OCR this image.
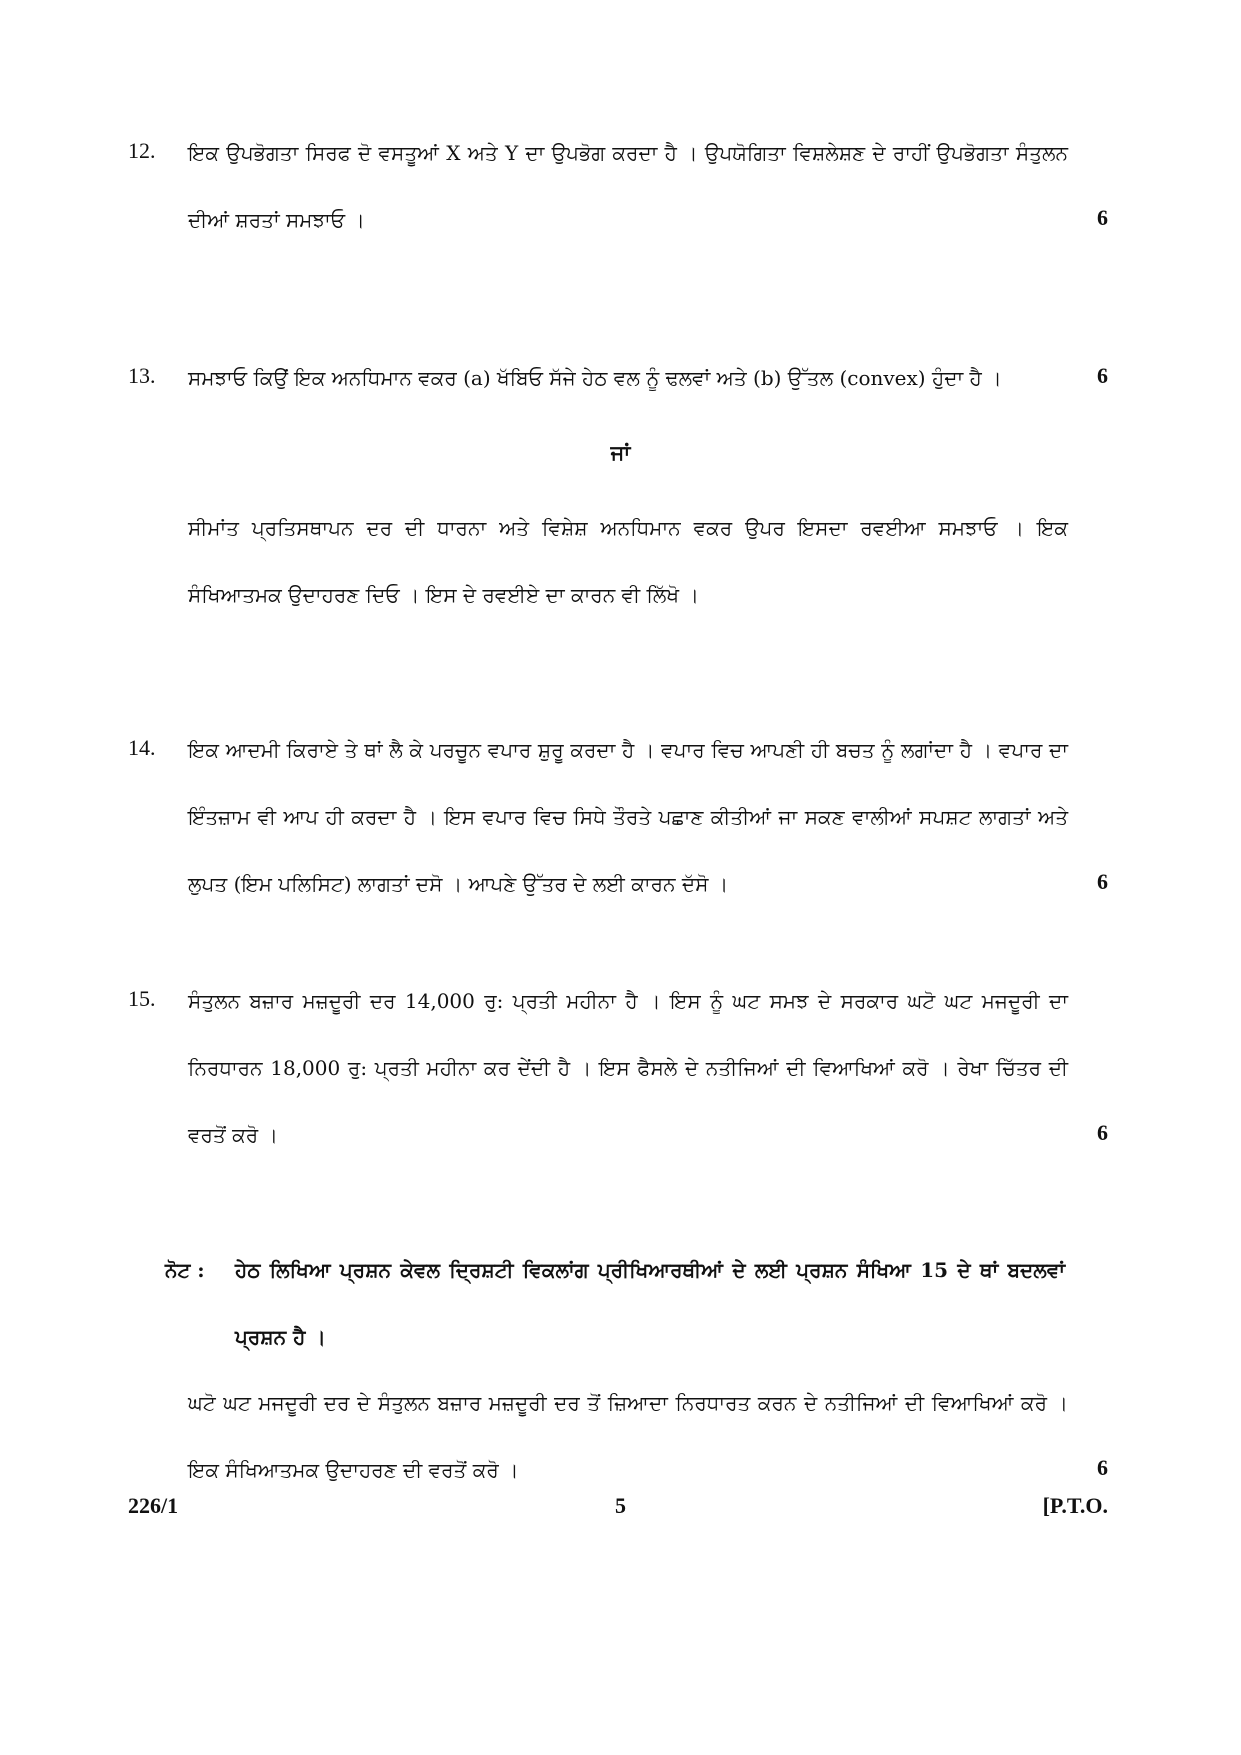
12. ਇਕ ਉਪਭੋਗਤਾ ਸਿਰਫ ਦੋ ਵਸਤੂਆਂ X ਅਤੇ Y ਦਾ ਉਪਭੋਗ ਕਰਦਾ ਹੈ । ਉਪਯੋਗਿਤਾ ਵਿਸ਼ਲੇਸ਼ਣ ਦੇ ਰਾਹੀਂ ਉਪਭੋਗਤਾ ਸੰਤੁਲਨ ਦੀਆਂ ਸ਼ਰਤਾਂ ਸਮਝਾਓ ।	6
13. ਸਮਝਾਓ ਕਿਉਂ ਇਕ ਅਨਧਿਮਾਨ ਵਕਰ (a) ਖੱਬਿਓ ਸੱਜੇ ਹੇਠ ਵਲ ਨੂੰ ਢਲਵਾਂ ਅਤੇ (b) ਉੱਤਲ (convex) ਹੁੰਦਾ ਹੈ ।	6
ਜਾਂ
ਸੀਮਾਂਤ ਪ੍ਰਤਿਸਥਾਪਨ ਦਰ ਦੀ ਧਾਰਨਾ ਅਤੇ ਵਿਸ਼ੇਸ਼ ਅਨਧਿਮਾਨ ਵਕਰ ਉਪਰ ਇਸਦਾ ਰਵਈਆ ਸਮਝਾਓ । ਇਕ ਸੰਖਿਆਤਮਕ ਉਦਾਹਰਣ ਦਿਓ । ਇਸ ਦੇ ਰਵਈਏ ਦਾ ਕਾਰਨ ਵੀ ਲਿੱਖੋ ।
14. ਇਕ ਆਦਮੀ ਕਿਰਾਏ ਤੇ ਥਾਂ ਲੈ ਕੇ ਪਰਚੂਨ ਵਪਾਰ ਸ਼ੁਰੂ ਕਰਦਾ ਹੈ । ਵਪਾਰ ਵਿਚ ਆਪਣੀ ਹੀ ਬਚਤ ਨੂੰ ਲਗਾਂਦਾ ਹੈ । ਵਪਾਰ ਦਾ ਇੰਤਜ਼ਾਮ ਵੀ ਆਪ ਹੀ ਕਰਦਾ ਹੈ । ਇਸ ਵਪਾਰ ਵਿਚ ਸਿਧੇ ਤੌਰਤੇ ਪਛਾਣ ਕੀਤੀਆਂ ਜਾ ਸਕਣ ਵਾਲੀਆਂ ਸਪਸ਼ਟ ਲਾਗਤਾਂ ਅਤੇ ਲੁਪਤ (ਇਮ ਪਲਿਸਿਟ) ਲਾਗਤਾਂ ਦਸੋ । ਆਪਣੇ ਉੱਤਰ ਦੇ ਲਈ ਕਾਰਨ ਦੱਸੋ ।	6
15. ਸੰਤੁਲਨ ਬਜ਼ਾਰ ਮਜ਼ਦੂਰੀ ਦਰ 14,000 ਰੁ: ਪ੍ਰਤੀ ਮਹੀਨਾ ਹੈ । ਇਸ ਨੂੰ ਘਟ ਸਮਝ ਦੇ ਸਰਕਾਰ ਘਟੋ ਘਟ ਮਜਦੂਰੀ ਦਾ ਨਿਰਧਾਰਨ 18,000 ਰੁ: ਪ੍ਰਤੀ ਮਹੀਨਾ ਕਰ ਦੇਂਦੀ ਹੈ । ਇਸ ਫੈਸਲੇ ਦੇ ਨਤੀਜਿਆਂ ਦੀ ਵਿਆਖਿਆਂ ਕਰੋ । ਰੇਖਾ ਚਿੱਤਰ ਦੀ ਵਰਤੋਂ ਕਰੋ ।	6
ਨੋਟ : ਹੇਠ ਲਿਖਿਆ ਪ੍ਰਸ਼ਨ ਕੇਵਲ ਦ੍ਰਿਸ਼ਟੀ ਵਿਕਲਾਂਗ ਪ੍ਰੀਖਿਆਰਥੀਆਂ ਦੇ ਲਈ ਪ੍ਰਸ਼ਨ ਸੰਖਿਆ 15 ਦੇ ਥਾਂ ਬਦਲਵਾਂ ਪ੍ਰਸ਼ਨ ਹੈ ।
ਘਟੋ ਘਟ ਮਜਦੂਰੀ ਦਰ ਦੇ ਸੰਤੁਲਨ ਬਜ਼ਾਰ ਮਜ਼ਦੂਰੀ ਦਰ ਤੋਂ ਜ਼ਿਆਦਾ ਨਿਰਧਾਰਤ ਕਰਨ ਦੇ ਨਤੀਜਿਆਂ ਦੀ ਵਿਆਖਿਆਂ ਕਰੋ । ਇਕ ਸੰਖਿਆਤਮਕ ਉਦਾਹਰਣ ਦੀ ਵਰਤੋਂ ਕਰੋ ।	6
226/1	5	[P.T.O.
